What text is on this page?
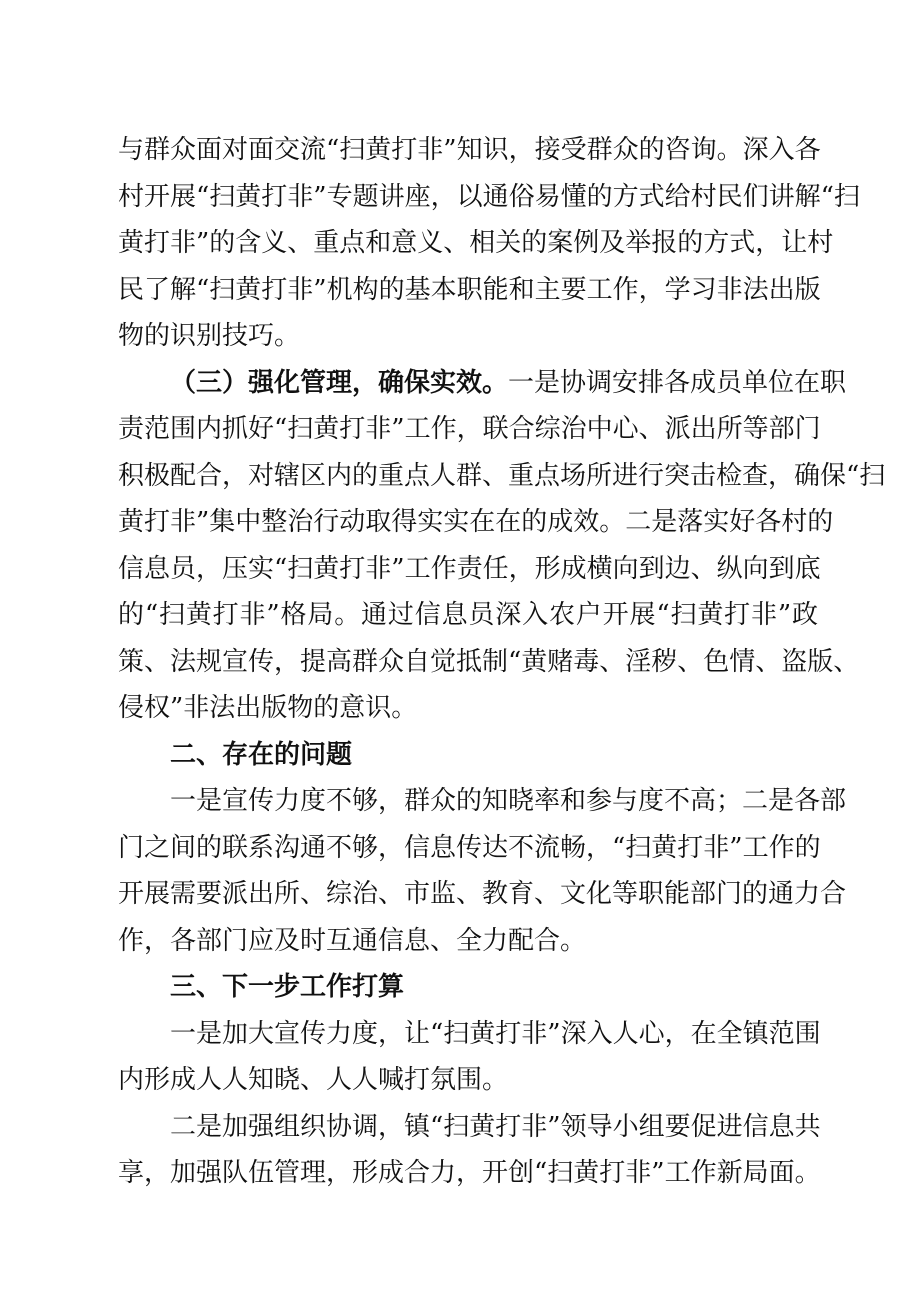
与群众面对面交流“扫黄打非”知识，接受群众的咨询。深入各
村开展“扫黄打非”专题讲座，以通俗易懂的方式给村民们讲解“扫
黄打非”的含义、重点和意义、相关的案例及举报的方式，让村
民了解“扫黄打非”机构的基本职能和主要工作，学习非法出版
物的识别技巧。
（三）强化管理，确保实效。一是协调安排各成员单位在职
责范围内抓好“扫黄打非”工作，联合综治中心、派出所等部门
积极配合，对辖区内的重点人群、重点场所进行突击检查，确保“扫
黄打非”集中整治行动取得实实在在的成效。二是落实好各村的
信息员，压实“扫黄打非”工作责任，形成横向到边、纵向到底
的“扫黄打非”格局。通过信息员深入农户开展“扫黄打非”政
策、法规宣传，提高群众自觉抵制“黄赌毒、淫秽、色情、盗版、
侵权”非法出版物的意识。
二、存在的问题
一是宣传力度不够，群众的知晓率和参与度不高；二是各部
门之间的联系沟通不够，信息传达不流畅，“扫黄打非”工作的
开展需要派出所、综治、市监、教育、文化等职能部门的通力合
作，各部门应及时互通信息、全力配合。
三、下一步工作打算
一是加大宣传力度，让“扫黄打非”深入人心，在全镇范围
内形成人人知晓、人人喊打氛围。
二是加强组织协调，镇“扫黄打非”领导小组要促进信息共
享，加强队伍管理，形成合力，开创“扫黄打非”工作新局面。
